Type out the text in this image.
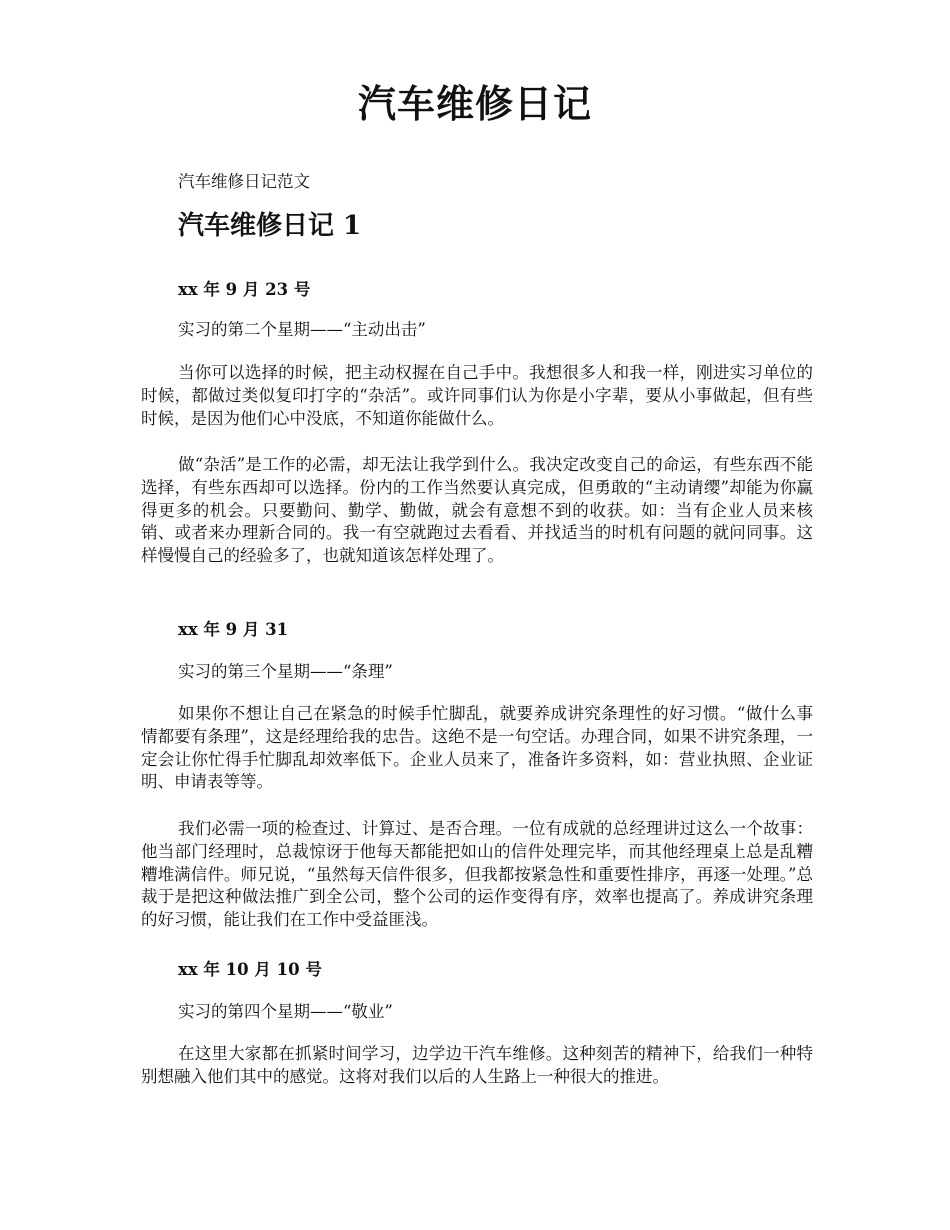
汽车维修日记

汽车维修日记范文

汽车维修日记 1

xx 年 9 月 23 号

实习的第二个星期——“主动出击”

当你可以选择的时候，把主动权握在自己手中。我想很多人和我一样，刚进实习单位的时候，都做过类似复印打字的“杂活”。或许同事们认为你是小字辈，要从小事做起，但有些时候，是因为他们心中没底，不知道你能做什么。

做“杂活”是工作的必需，却无法让我学到什么。我决定改变自己的命运，有些东西不能选择，有些东西却可以选择。份内的工作当然要认真完成，但勇敢的“主动请缨”却能为你赢得更多的机会。只要勤问、勤学、勤做，就会有意想不到的收获。如：当有企业人员来核销、或者来办理新合同的。我一有空就跑过去看看、并找适当的时机有问题的就问同事。这样慢慢自己的经验多了，也就知道该怎样处理了。

xx 年 9 月 31

实习的第三个星期——“条理”

如果你不想让自己在紧急的时候手忙脚乱，就要养成讲究条理性的好习惯。“做什么事情都要有条理”，这是经理给我的忠告。这绝不是一句空话。办理合同，如果不讲究条理，一定会让你忙得手忙脚乱却效率低下。企业人员来了，准备许多资料，如：营业执照、企业证明、申请表等等。

我们必需一项的检查过、计算过、是否合理。一位有成就的总经理讲过这么一个故事：他当部门经理时，总裁惊讶于他每天都能把如山的信件处理完毕，而其他经理桌上总是乱糟糟堆满信件。师兄说，“虽然每天信件很多，但我都按紧急性和重要性排序，再逐一处理。”总裁于是把这种做法推广到全公司，整个公司的运作变得有序，效率也提高了。养成讲究条理的好习惯，能让我们在工作中受益匪浅。

xx 年 10 月 10 号

实习的第四个星期——“敬业”

在这里大家都在抓紧时间学习，边学边干汽车维修。这种刻苦的精神下，给我们一种特别想融入他们其中的感觉。这将对我们以后的人生路上一种很大的推进。
